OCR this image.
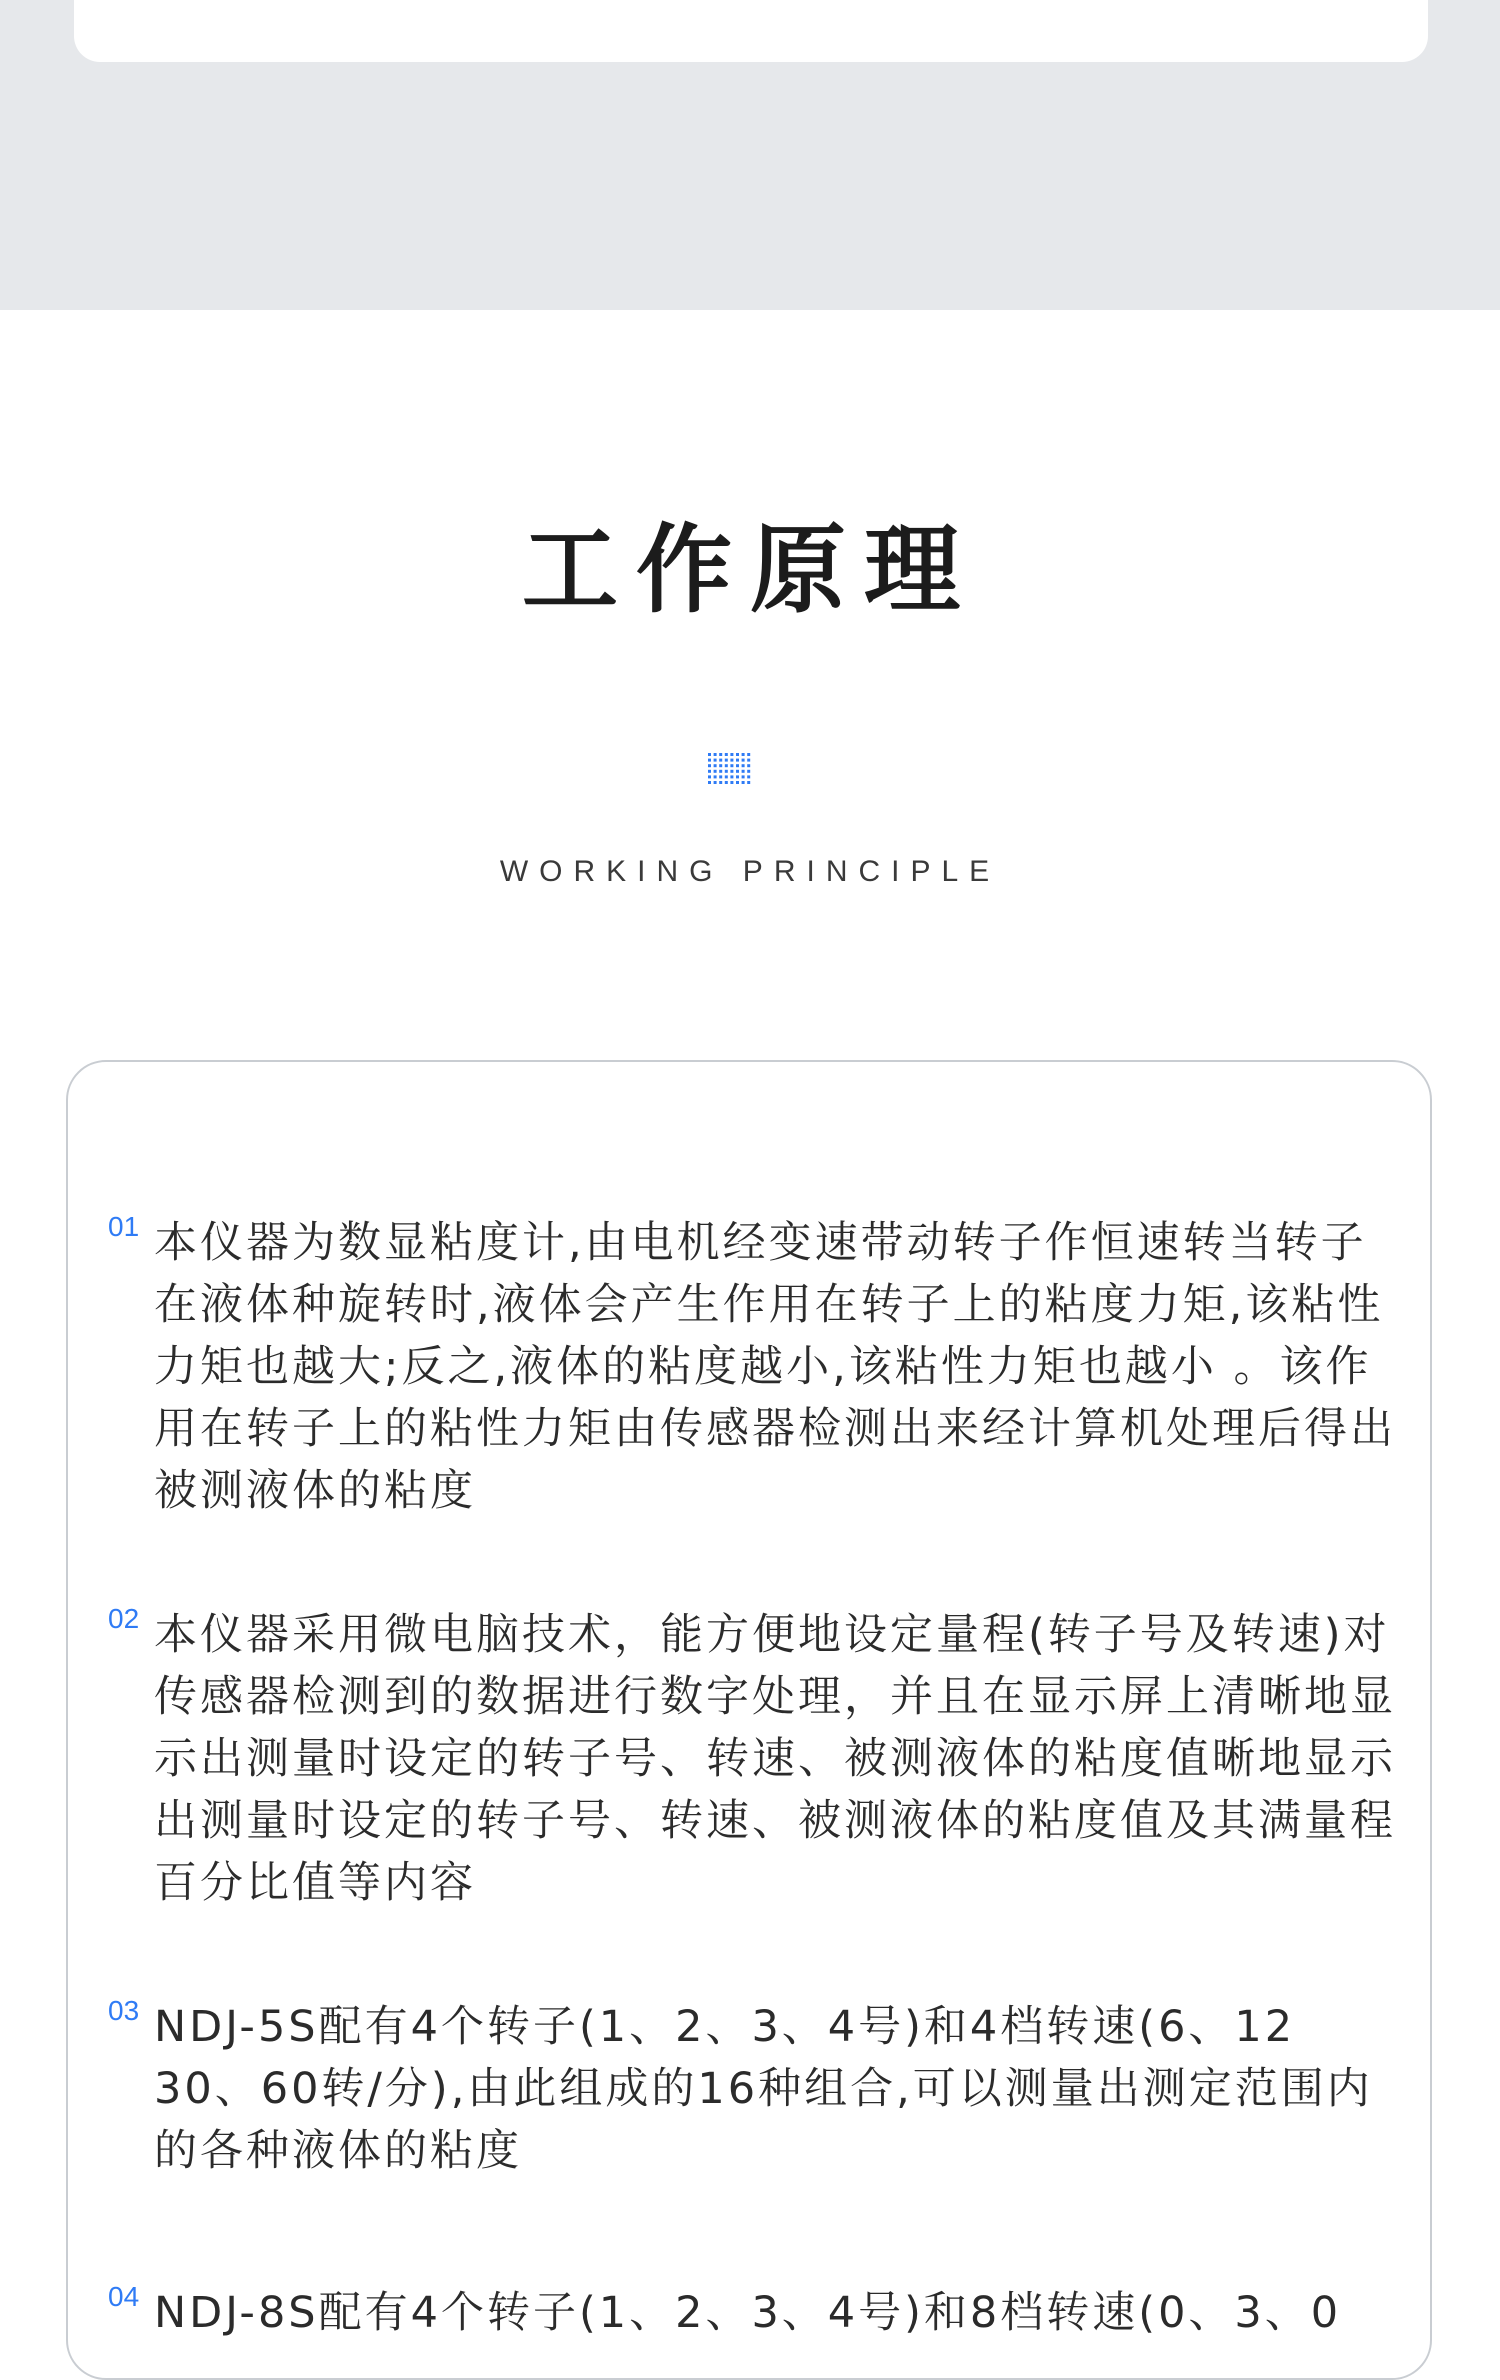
工作原理
WORKING PRINCIPLE
01 本仪器为数显粘度计,由电机经变速带动转子作恒速转当转子在液体种旋转时,液体会产生作用在转子上的粘度力矩,该粘性力矩也越大;反之,液体的粘度越小,该粘性力矩也越小 。该作用在转子上的粘性力矩由传感器检测出来经计算机处理后得出被测液体的粘度

02 本仪器采用微电脑技术，能方便地设定量程(转子号及转速)对传感器检测到的数据进行数字处理，并且在显示屏上清晰地显示出测量时设定的转子号、转速、被测液体的粘度值晰地显示出测量时设定的转子号、转速、被测液体的粘度值及其满量程百分比值等内容

03 NDJ-5S配有4个转子(1、2、3、4号)和4档转速(6、12 30、60转/分),由此组成的16种组合,可以测量出测定范围内的各种液体的粘度

04 NDJ-8S配有4个转子(1、2、3、4号)和8档转速(0、3、0
